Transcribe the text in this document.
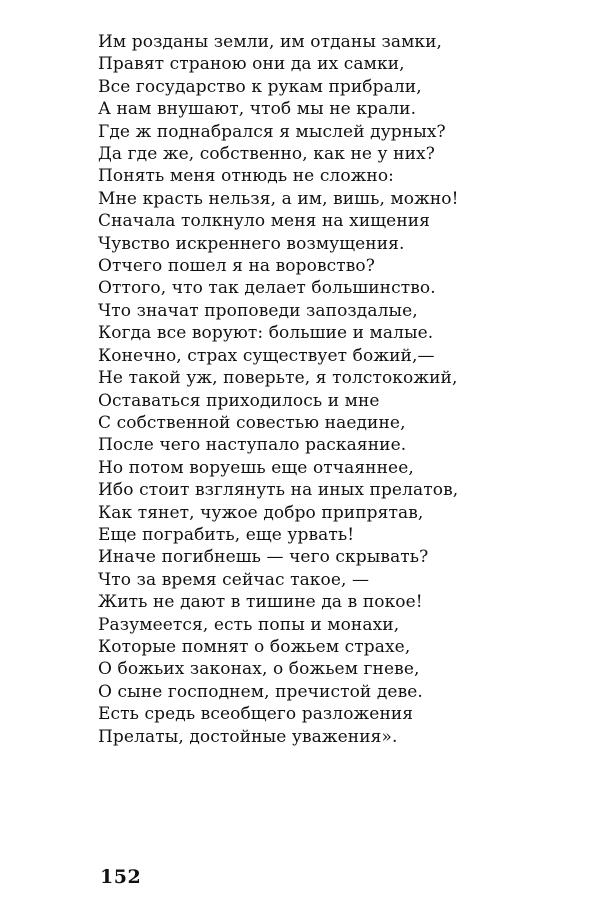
Им розданы земли, им отданы замки,
Правят страною они да их самки,
Все государство к рукам прибрали,
А нам внушают, чтоб мы не крали.
Где ж поднабрался я мыслей дурных?
Да где же, собственно, как не у них?
Понять меня отнюдь не сложно:
Мне красть нельзя, а им, вишь, можно!
Сначала толкнуло меня на хищения
Чувство искреннего возмущения.
Отчего пошел я на воровство?
Оттого, что так делает большинство.
Что значат проповеди запоздалые,
Когда все воруют: большие и малые.
Конечно, страх существует божий,—
Не такой уж, поверьте, я толстокожий,
Оставаться приходилось и мне
С собственной совестью наедине,
После чего наступало раскаяние.
Но потом воруешь еще отчаяннее,
Ибо стоит взглянуть на иных прелатов,
Как тянет, чужое добро припрятав,
Еще пограбить, еще урвать!
Иначе погибнешь — чего скрывать?
Что за время сейчас такое, —
Жить не дают в тишине да в покое!
Разумеется, есть попы и монахи,
Которые помнят о божьем страхе,
О божьих законах, о божьем гневе,
О сыне господнем, пречистой деве.
Есть средь всеобщего разложения
Прелаты, достойные уважения».
152
